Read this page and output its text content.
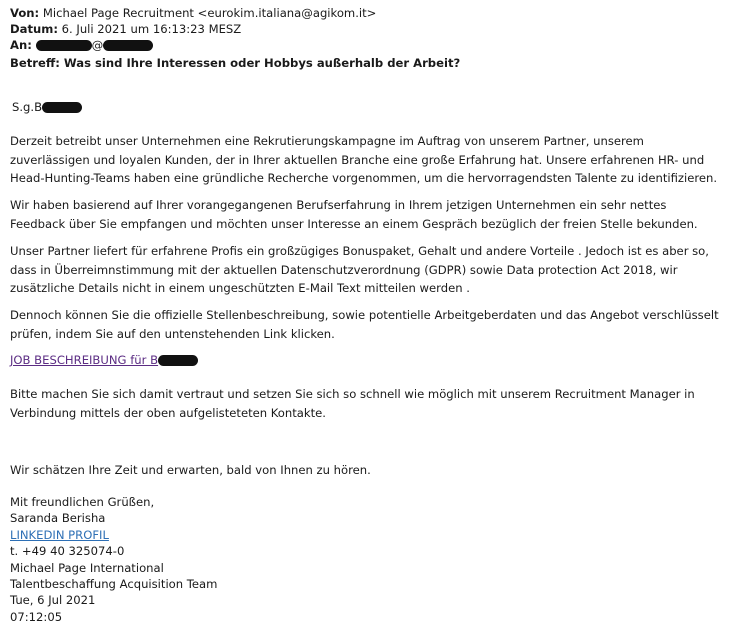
Von: Michael Page Recruitment <eurokim.italiana@agikom.it>
Datum: 6. Juli 2021 um 16:13:23 MESZ
An:	@
Betreff: Was sind Ihre Interessen oder Hobbys außerhalb der Arbeit?
S.g.B

Derzeit betreibt unser Unternehmen eine Rekrutierungskampagne im Auftrag von unserem Partner, unserem zuverlässigen und loyalen Kunden, der in Ihrer aktuellen Branche eine große Erfahrung hat. Unsere erfahrenen HR- und Head-Hunting-Teams haben eine gründliche Recherche vorgenommen, um die hervorragendsten Talente zu identifizieren.

Wir haben basierend auf Ihrer vorangegangenen Berufserfahrung in Ihrem jetzigen Unternehmen ein sehr nettes Feedback über Sie empfangen und möchten unser Interesse an einem Gespräch bezüglich der freien Stelle bekunden.

Unser Partner liefert für erfahrene Profis ein großzügiges Bonuspaket, Gehalt und andere Vorteile . Jedoch ist es aber so, dass in Überreimnstimmung mit der aktuellen Datenschutzverordnung (GDPR) sowie Data protection Act 2018, wir zusätzliche Details nicht in einem ungeschützten E-Mail Text mitteilen werden .

Dennoch können Sie die offizielle Stellenbeschreibung, sowie potentielle Arbeitgeberdaten und das Angebot verschlüsselt prüfen, indem Sie auf den untenstehenden Link klicken.

JOB BESCHREIBUNG für B

Bitte machen Sie sich damit vertraut und setzen Sie sich so schnell wie möglich mit unserem Recruitment Manager in Verbindung mittels der oben aufgelisteteten Kontakte.

Wir schätzen Ihre Zeit und erwarten, bald von Ihnen zu hören.

Mit freundlichen Grüßen,
Saranda Berisha
LINKEDIN PROFIL
t. +49 40 325074-0
Michael Page International
Talentbeschaffung Acquisition Team
Tue, 6 Jul 2021
07:12:05
